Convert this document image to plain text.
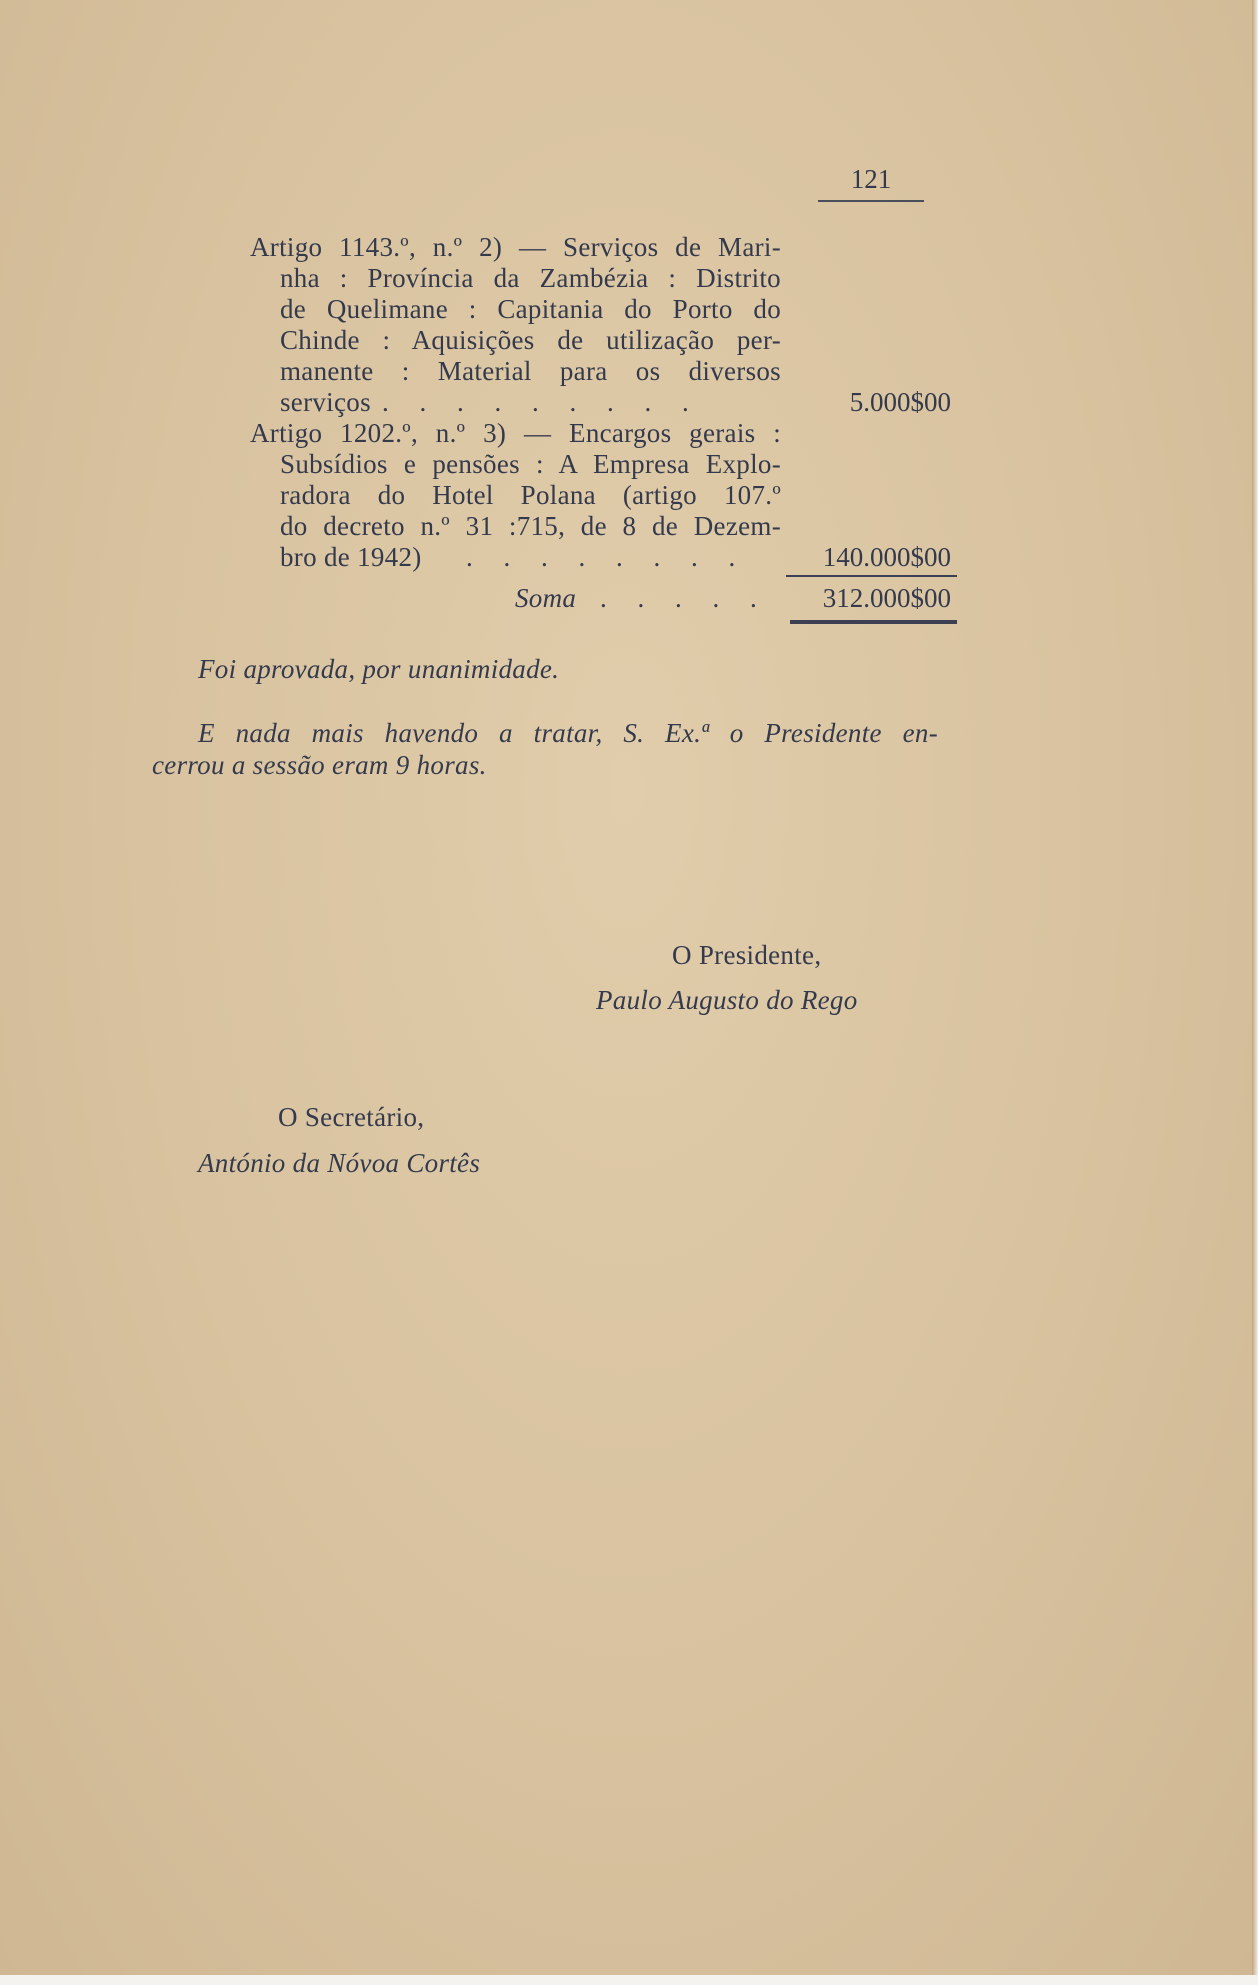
121
Artigo 1143.º, n.º 2) — Serviços de Mari-
nha : Província da Zambézia : Distrito
de Quelimane : Capitania do Porto do
Chinde : Aquisições de utilização per-
manente : Material para os diversos
serviços . . . . . . . . .	5.000$00
Artigo 1202.º, n.º 3) — Encargos gerais :
Subsídios e pensões : A Empresa Explo-
radora do Hotel Polana (artigo 107.º
do decreto n.º 31 :715, de 8 de Dezem-
bro de 1942) . . . . . . . .	140.000$00
Soma . . . . . 312.000$00
Foi aprovada, por unanimidade.
E nada mais havendo a tratar, S. Ex.ª o Presidente en-
cerrou a sessão eram 9 horas.
O Presidente,
Paulo Augusto do Rego
O Secretário,
António da Nóvoa Cortês
